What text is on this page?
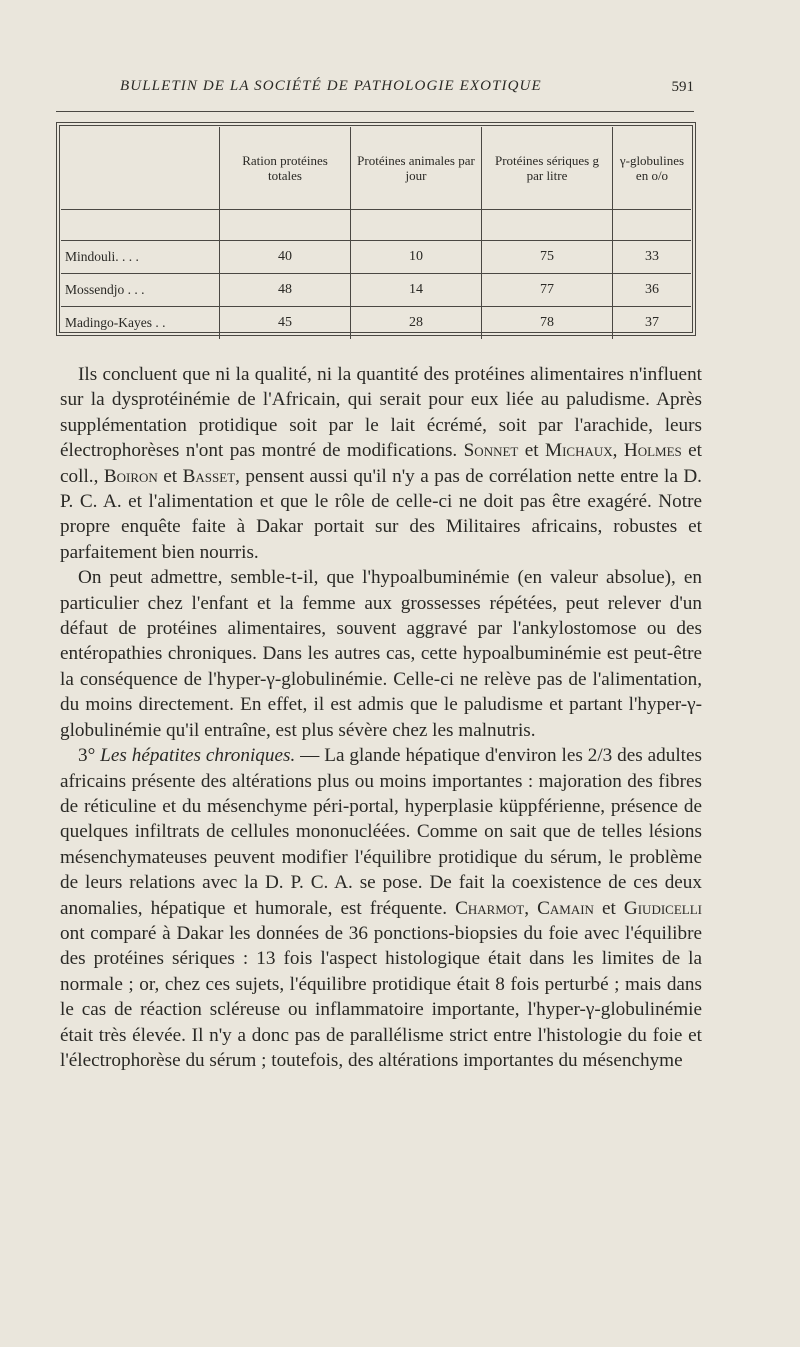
BULLETIN DE LA SOCIÉTÉ DE PATHOLOGIE EXOTIQUE	591
	Ration protéines totales	Protéines animales par jour	Protéines sériques g par litre	γ-globulines en o/o

Mindouli. . . .	40	10	75	33
Mossendjo . . .	48	14	77	36
Madingo-Kayes . .	45	28	78	37

Ils concluent que ni la qualité, ni la quantité des protéines alimentaires n'influent sur la dysprotéinémie de l'Africain, qui serait pour eux liée au paludisme. Après supplémentation protidique soit par le lait écrémé, soit par l'arachide, leurs électrophorèses n'ont pas montré de modifications. Sonnet et Michaux, Holmes et coll., Boiron et Basset, pensent aussi qu'il n'y a pas de corrélation nette entre la D. P. C. A. et l'alimentation et que le rôle de celle-ci ne doit pas être exagéré. Notre propre enquête faite à Dakar portait sur des Militaires africains, robustes et parfaitement bien nourris.

On peut admettre, semble-t-il, que l'hypoalbuminémie (en valeur absolue), en particulier chez l'enfant et la femme aux grossesses répétées, peut relever d'un défaut de protéines alimentaires, souvent aggravé par l'ankylostomose ou des entéropathies chroniques. Dans les autres cas, cette hypoalbuminémie est peut-être la conséquence de l'hyper-γ-globulinémie. Celle-ci ne relève pas de l'alimentation, du moins directement. En effet, il est admis que le paludisme et partant l'hyper-γ-globulinémie qu'il entraîne, est plus sévère chez les malnutris.

3° Les hépatites chroniques. — La glande hépatique d'environ les 2/3 des adultes africains présente des altérations plus ou moins importantes : majoration des fibres de réticuline et du mésenchyme péri-portal, hyperplasie küppférienne, présence de quelques infiltrats de cellules mononucléées. Comme on sait que de telles lésions mésenchymateuses peuvent modifier l'équilibre protidique du sérum, le problème de leurs relations avec la D. P. C. A. se pose. De fait la coexistence de ces deux anomalies, hépatique et humorale, est fréquente. Charmot, Camain et Giudicelli ont comparé à Dakar les données de 36 ponctions-biopsies du foie avec l'équilibre des protéines sériques : 13 fois l'aspect histologique était dans les limites de la normale ; or, chez ces sujets, l'équilibre protidique était 8 fois perturbé ; mais dans le cas de réaction scléreuse ou inflammatoire importante, l'hyper-γ-globulinémie était très élevée. Il n'y a donc pas de parallélisme strict entre l'histologie du foie et l'électrophorèse du sérum ; toutefois, des altérations importantes du mésenchyme
